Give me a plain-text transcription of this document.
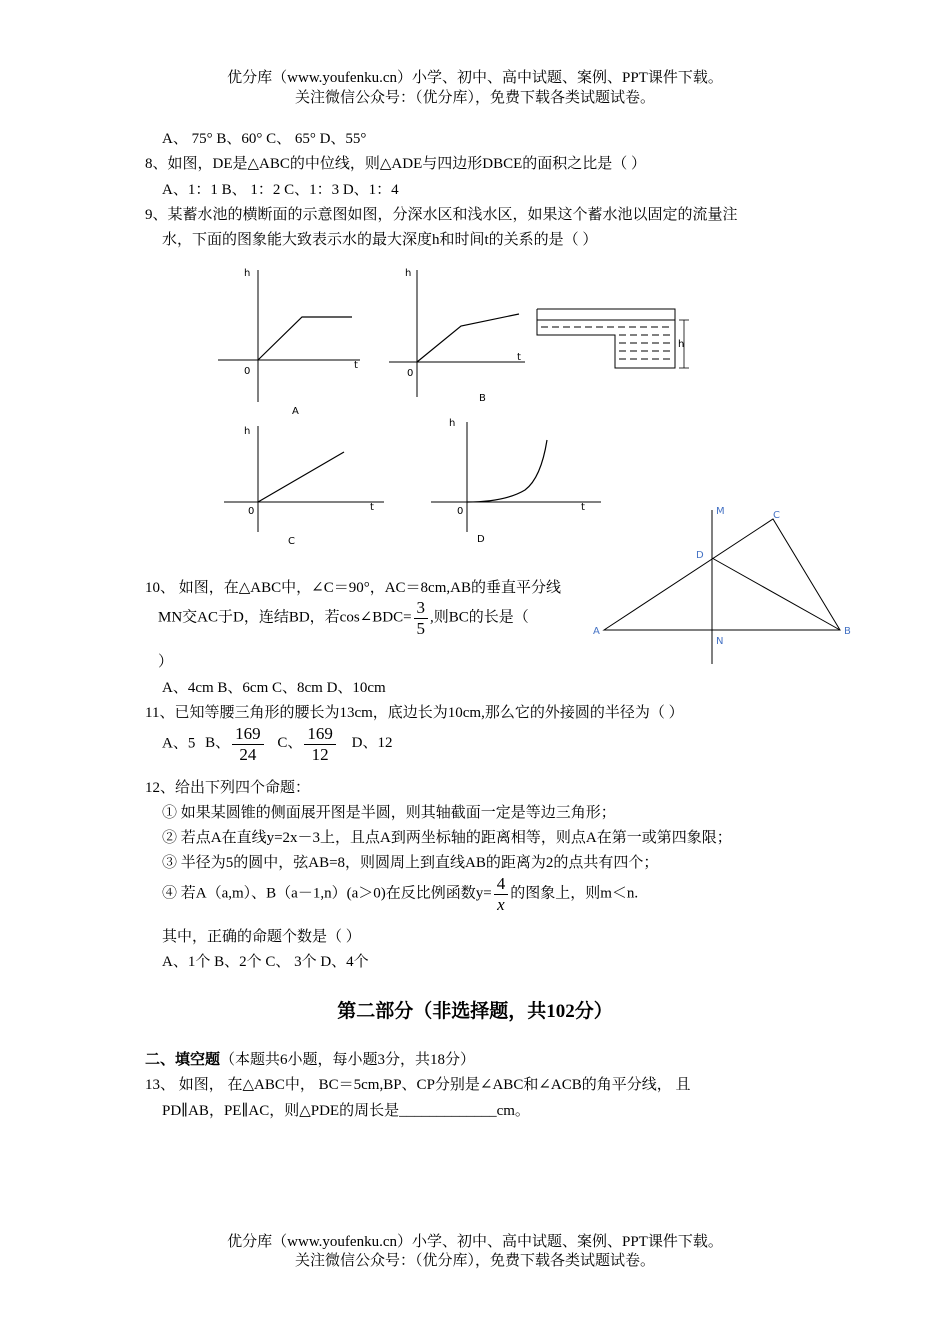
优分库（www.youfenku.cn）小学、初中、高中试题、案例、PPT课件下载。
关注微信公众号：（优分库），免费下载各类试题试卷。
A、 75° B、60° C、 65° D、55°
8、如图，DE是△ABC的中位线，则△ADE与四边形DBCE的面积之比是（ ）
A、1：1 B、 1：2 C、1：3 D、1：4
9、某蓄水池的横断面的示意图如图，分深水区和浅水区，如果这个蓄水池以固定的流量注
水，下面的图象能大致表示水的最大深度h和时间t的关系的是（ ）
h
t
0
A
h
t
0
B
h
h
t
0
C
h
t
0
D
M	C
D
A
N
B
10、 如图，在△ABC中，∠C＝90°，AC＝8cm,AB的垂直平分线
MN交AC于D，连结BD，若cos∠BDC= $\frac{3}{5}$ ,则BC的长是（
）
A、4cm B、6cm C、8cm D、10cm
11、已知等腰三角形的腰长为13cm，底边长为10cm,那么它的外接圆的半径为（ ）
A、5 B、 $\frac{169}{24}$ C、 $\frac{169}{12}$ D、12
12、给出下列四个命题：
① 如果某圆锥的侧面展开图是半圆，则其轴截面一定是等边三角形；
② 若点A在直线y=2x－3上，且点A到两坐标轴的距离相等，则点A在第一或第四象限；
③ 半径为5的圆中，弦AB=8，则圆周上到直线AB的距离为2的点共有四个；
④ 若A（a,m）、B（a－1,n）(a＞0)在反比例函数$y= \frac{4}{x}$ 的图象上，则m＜n.
其中，正确的命题个数是（ ）
A、1个 B、2个 C、 3个 D、4个
第二部分（非选择题，共102分）
二、填空题（本题共6小题，每小题3分，共18分）
13、 如图， 在△ABC中， BC＝5cm,BP、CP分别是∠ABC和∠ACB的角平分线， 且
PD∥AB，PE∥AC，则△PDE的周长是_____________cm。
优分库（www.youfenku.cn）小学、初中、高中试题、案例、PPT课件下载。
关注微信公众号：（优分库），免费下载各类试题试卷。
